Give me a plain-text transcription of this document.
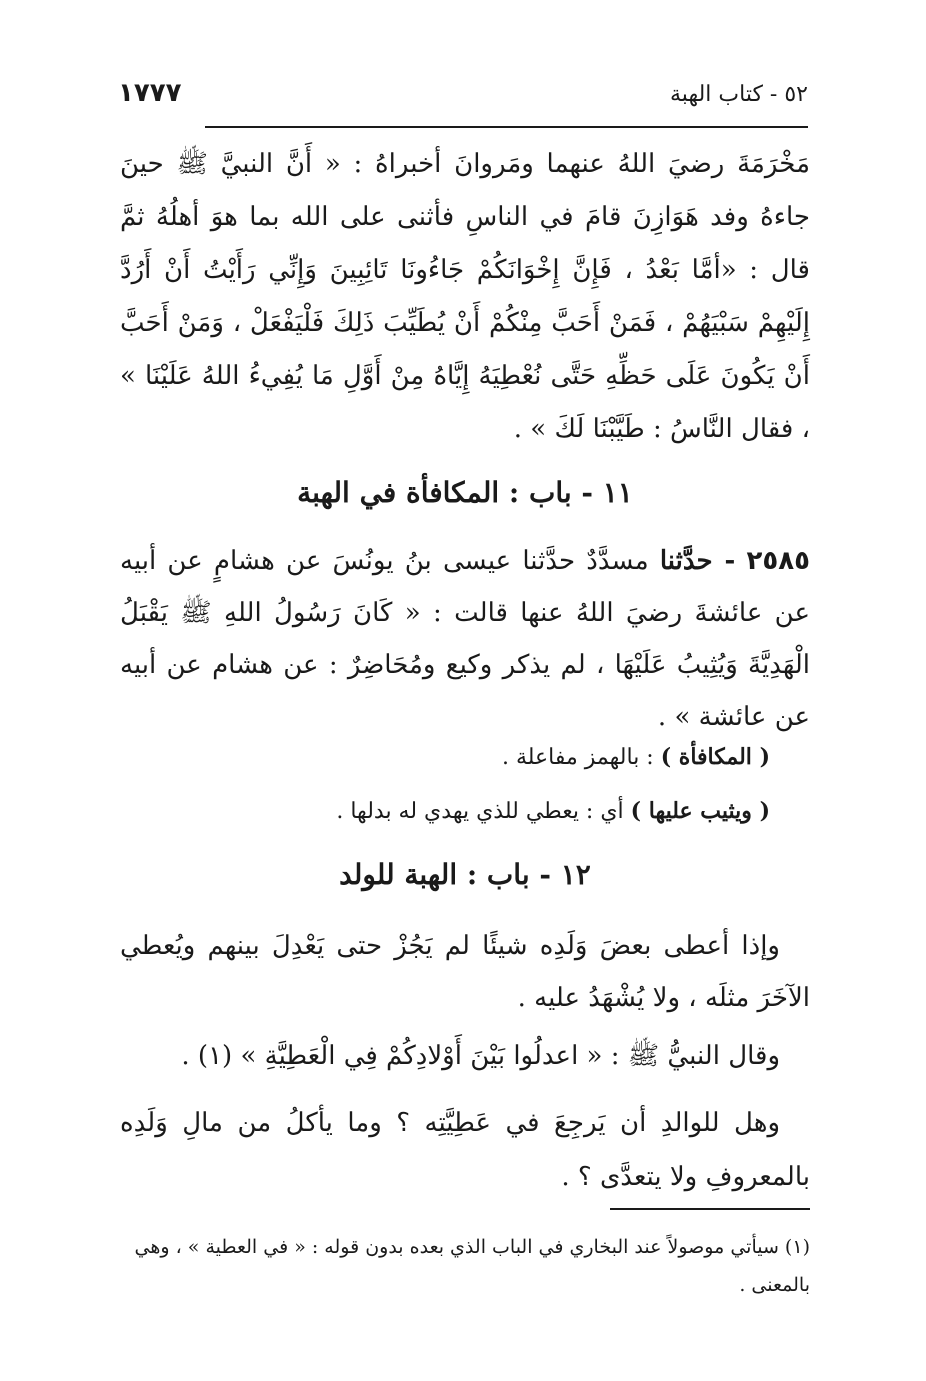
١٧٧٧	٥٢ - كتاب الهبة
مَخْرَمَةَ رضيَ اللهُ عنهما ومَروانَ أخبراهُ : « أَنَّ النبيَّ ﷺ حينَ جاءهُ وفد هَوَازِنَ قامَ في الناسِ فأثنى على الله بما هوَ أهلُهُ ثمَّ قال : «أمَّا بَعْدُ ، فَإِنَّ إِخْوَانَكُمْ جَاءُونَا تَائِبِينَ وَإِنِّي رَأَيْتُ أَنْ أَرُدَّ إِلَيْهِمْ سَبْيَهُمْ ، فَمَنْ أَحَبَّ مِنْكُمْ أَنْ يُطَيِّبَ ذَلِكَ فَلْيَفْعَلْ ، وَمَنْ أَحَبَّ أَنْ يَكُونَ عَلَى حَظِّهِ حَتَّى نُعْطِيَهُ إِيَّاهُ مِنْ أَوَّلِ مَا يُفِيءُ اللهُ عَلَيْنَا » ، فقال النَّاسُ : طَيَّبْنَا لَكَ » .
١١ - باب : المكافأة في الهبة
٢٥٨٥ - حدَّثنا مسدَّدٌ حدَّثنا عيسى بنُ يونُسَ عن هشامٍ عن أبيه عن عائشةَ رضيَ اللهُ عنها قالت : « كَانَ رَسُولُ اللهِ ﷺ يَقْبَلُ الْهَدِيَّةَ وَيُثِيبُ عَلَيْهَا ، لم يذكر وكيع ومُحَاضِرٌ : عن هشام عن أبيه عن عائشة » .
( المكافأة ) : بالهمز مفاعلة .
( ويثيب عليها ) أي : يعطي للذي يهدي له بدلها .
١٢ - باب : الهبة للولد
وإذا أعطى بعضَ وَلَدِه شيئًا لم يَجُزْ حتى يَعْدِلَ بينهم ويُعطي الآخَرَ مثلَه ، ولا يُشْهَدُ عليه .
وقال النبيُّ ﷺ : « اعدلُوا بَيْنَ أَوْلادِكُمْ فِي الْعَطِيَّةِ » (١) .
وهل للوالدِ أن يَرجِعَ في عَطِيَّتِه ؟ وما يأكلُ من مالِ وَلَدِه بالمعروفِ ولا يتعدَّى ؟ .
(١) سيأتي موصولاً عند البخاري في الباب الذي بعده بدون قوله : « في العطية » ، وهي بالمعنى .
